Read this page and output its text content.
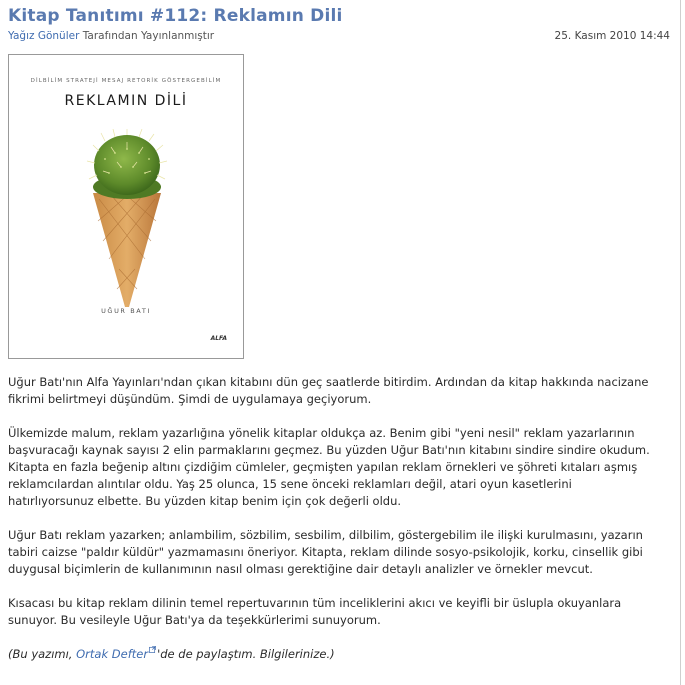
Kitap Tanıtımı #112: Reklamın Dili
Yağız Gönüler Tarafından Yayınlanmıştır	25. Kasım 2010 14:44
DİLBİLİM STRATEJİ MESAJ RETORİK GÖSTERGEBİLİM
REKLAMIN DİLİ
UĞUR BATI
ALFA

Uğur Batı'nın Alfa Yayınları'ndan çıkan kitabını dün geç saatlerde bitirdim. Ardından da kitap hakkında nacizane fikrimi belirtmeyi düşündüm. Şimdi de uygulamaya geçiyorum.

Ülkemizde malum, reklam yazarlığına yönelik kitaplar oldukça az. Benim gibi "yeni nesil" reklam yazarlarının başvuracağı kaynak sayısı 2 elin parmaklarını geçmez. Bu yüzden Uğur Batı'nın kitabını sindire sindire okudum. Kitapta en fazla beğenip altını çizdiğim cümleler, geçmişten yapılan reklam örnekleri ve şöhreti kıtaları aşmış reklamcılardan alıntılar oldu. Yaş 25 olunca, 15 sene önceki reklamları değil, atari oyun kasetlerini hatırlıyorsunuz elbette. Bu yüzden kitap benim için çok değerli oldu.

Uğur Batı reklam yazarken; anlambilim, sözbilim, sesbilim, dilbilim, göstergebilim ile ilişki kurulmasını, yazarın tabiri caizse "paldır küldür" yazmamasını öneriyor. Kitapta, reklam dilinde sosyo-psikolojik, korku, cinsellik gibi duygusal biçimlerin de kullanımının nasıl olması gerektiğine dair detaylı analizler ve örnekler mevcut.

Kısacası bu kitap reklam dilinin temel repertuvarının tüm inceliklerini akıcı ve keyifli bir üslupla okuyanlara sunuyor. Bu vesileyle Uğur Batı'ya da teşekkürlerimi sunuyorum.

(Bu yazımı, Ortak Defter 'de de paylaştım. Bilgilerinize.)
